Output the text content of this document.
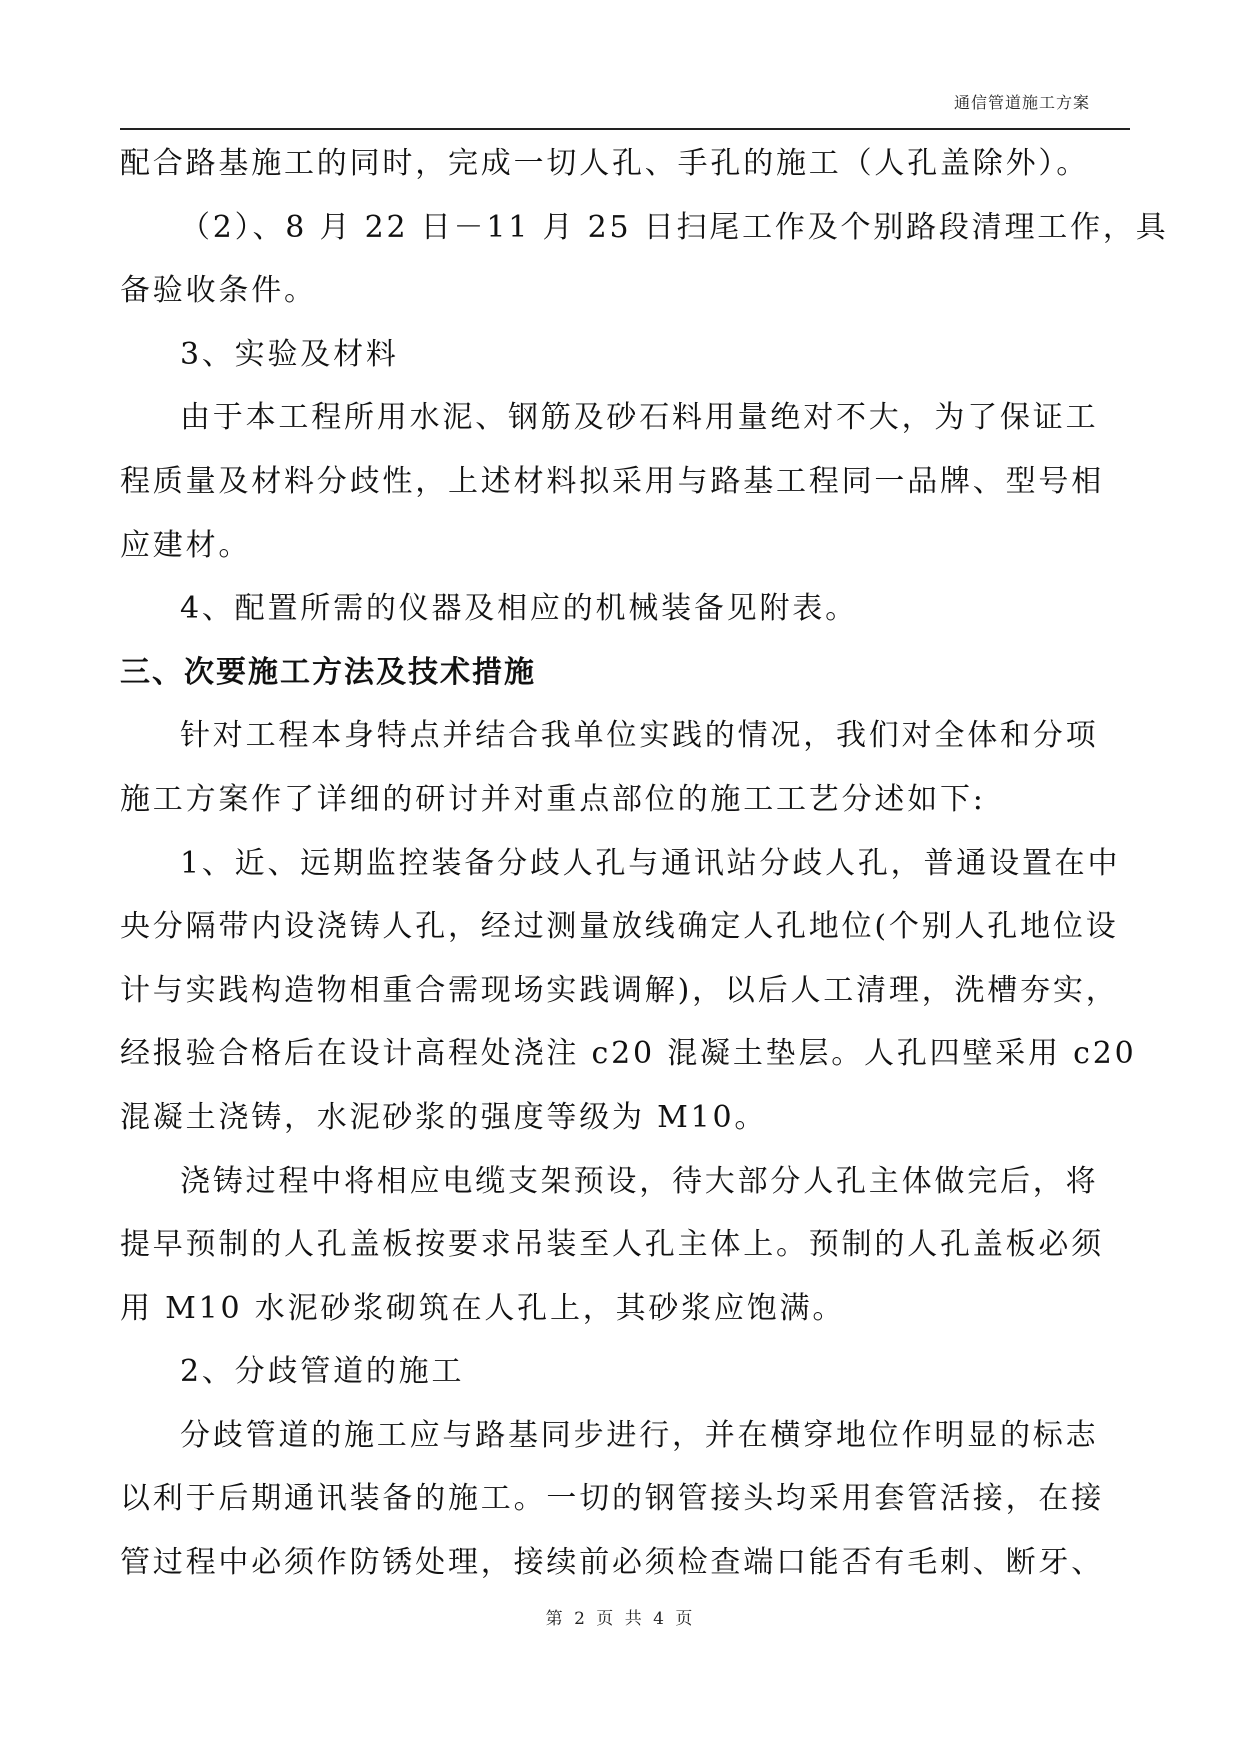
通信管道施工方案
配合路基施工的同时，完成一切人孔、手孔的施工（人孔盖除外）。
（2）、8 月 22 日－11 月 25 日扫尾工作及个别路段清理工作，具
备验收条件。
3、实验及材料
由于本工程所用水泥、钢筋及砂石料用量绝对不大，为了保证工
程质量及材料分歧性，上述材料拟采用与路基工程同一品牌、型号相
应建材。
4、配置所需的仪器及相应的机械装备见附表。
三、次要施工方法及技术措施
针对工程本身特点并结合我单位实践的情况，我们对全体和分项
施工方案作了详细的研讨并对重点部位的施工工艺分述如下:
1、近、远期监控装备分歧人孔与通讯站分歧人孔，普通设置在中
央分隔带内设浇铸人孔，经过测量放线确定人孔地位(个别人孔地位设
计与实践构造物相重合需现场实践调解)，以后人工清理，洗槽夯实，
经报验合格后在设计高程处浇注 c20 混凝土垫层。人孔四壁采用 c20
混凝土浇铸，水泥砂浆的强度等级为 M10。
浇铸过程中将相应电缆支架预设，待大部分人孔主体做完后，将
提早预制的人孔盖板按要求吊装至人孔主体上。预制的人孔盖板必须
用 M10 水泥砂浆砌筑在人孔上，其砂浆应饱满。
2、分歧管道的施工
分歧管道的施工应与路基同步进行，并在横穿地位作明显的标志
以利于后期通讯装备的施工。一切的钢管接头均采用套管活接，在接
管过程中必须作防锈处理，接续前必须检查端口能否有毛刺、断牙、
第 2 页 共 4 页
